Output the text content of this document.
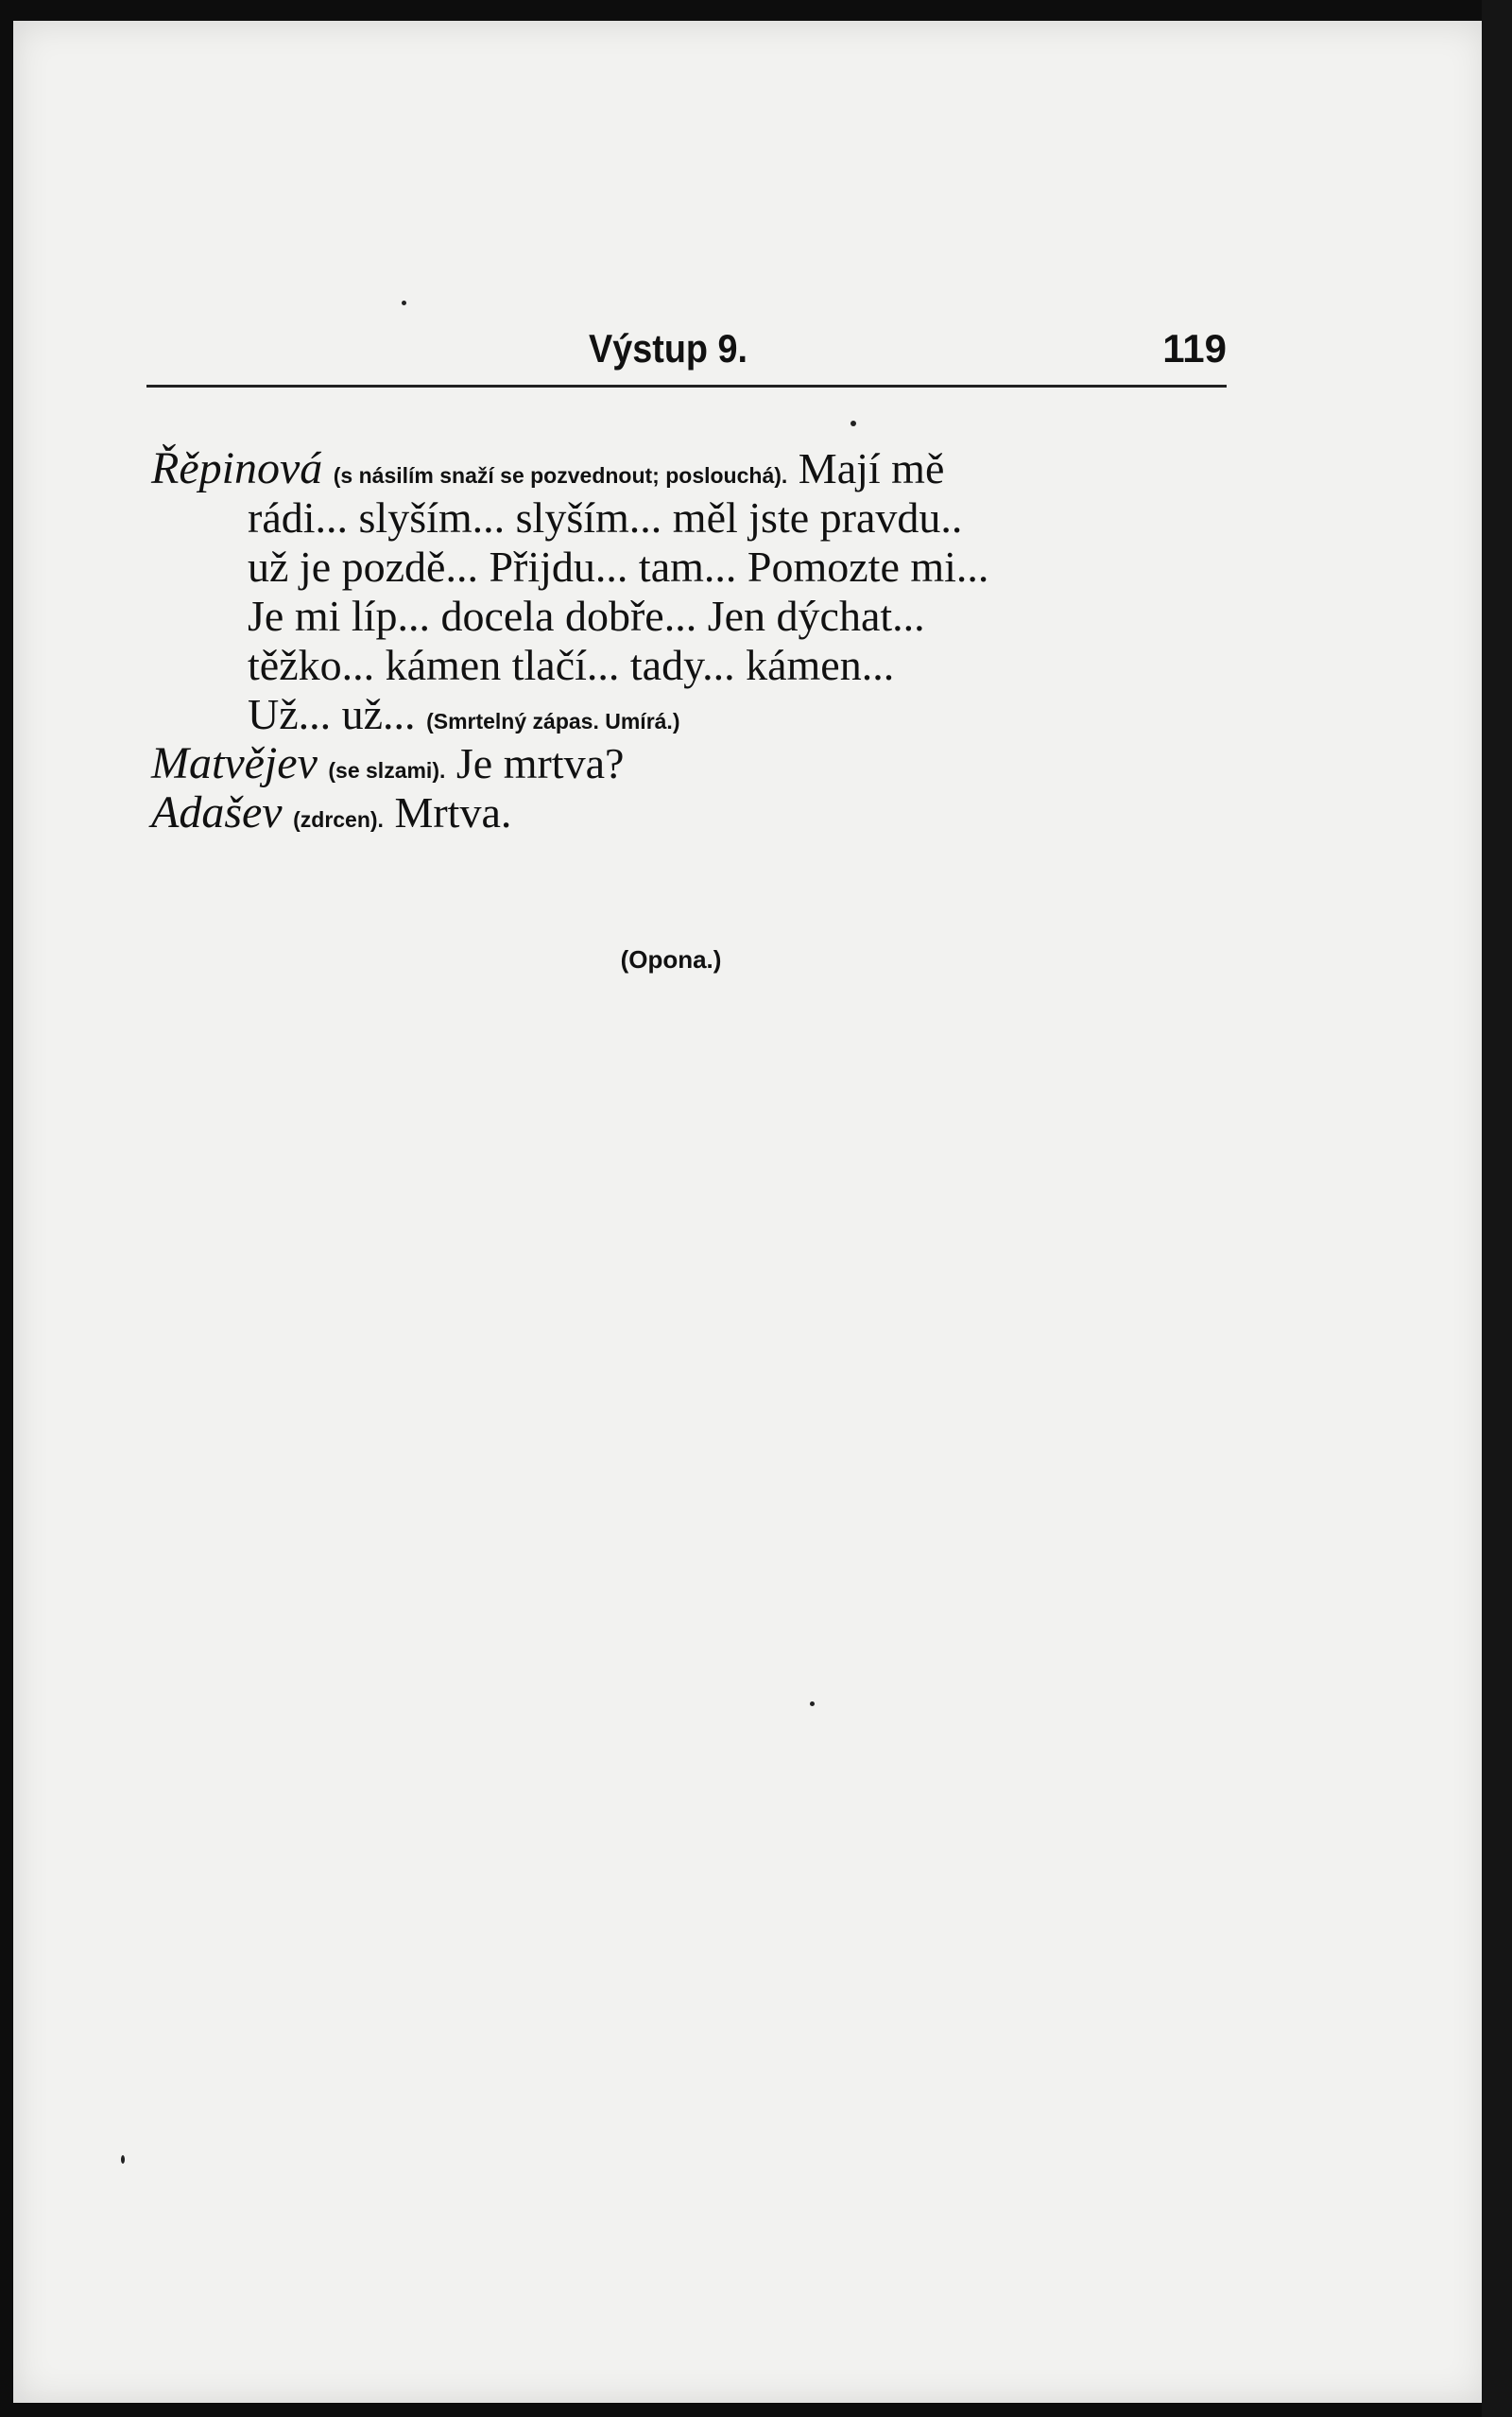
Výstup 9.	119
Řěpinová (s násilím snaží se pozvednout; poslouchá). Mají mě
rádi... slyším... slyším... měl jste pravdu..
už je pozdě... Přijdu... tam... Pomozte mi...
Je mi líp... docela dobře... Jen dýchat...
těžko... kámen tlačí... tady... kámen...
Už... už... (Smrtelný zápas. Umírá.)
Matvějev (se slzami). Je mrtva?
Adašev (zdrcen). Mrtva.
(Opona.)
